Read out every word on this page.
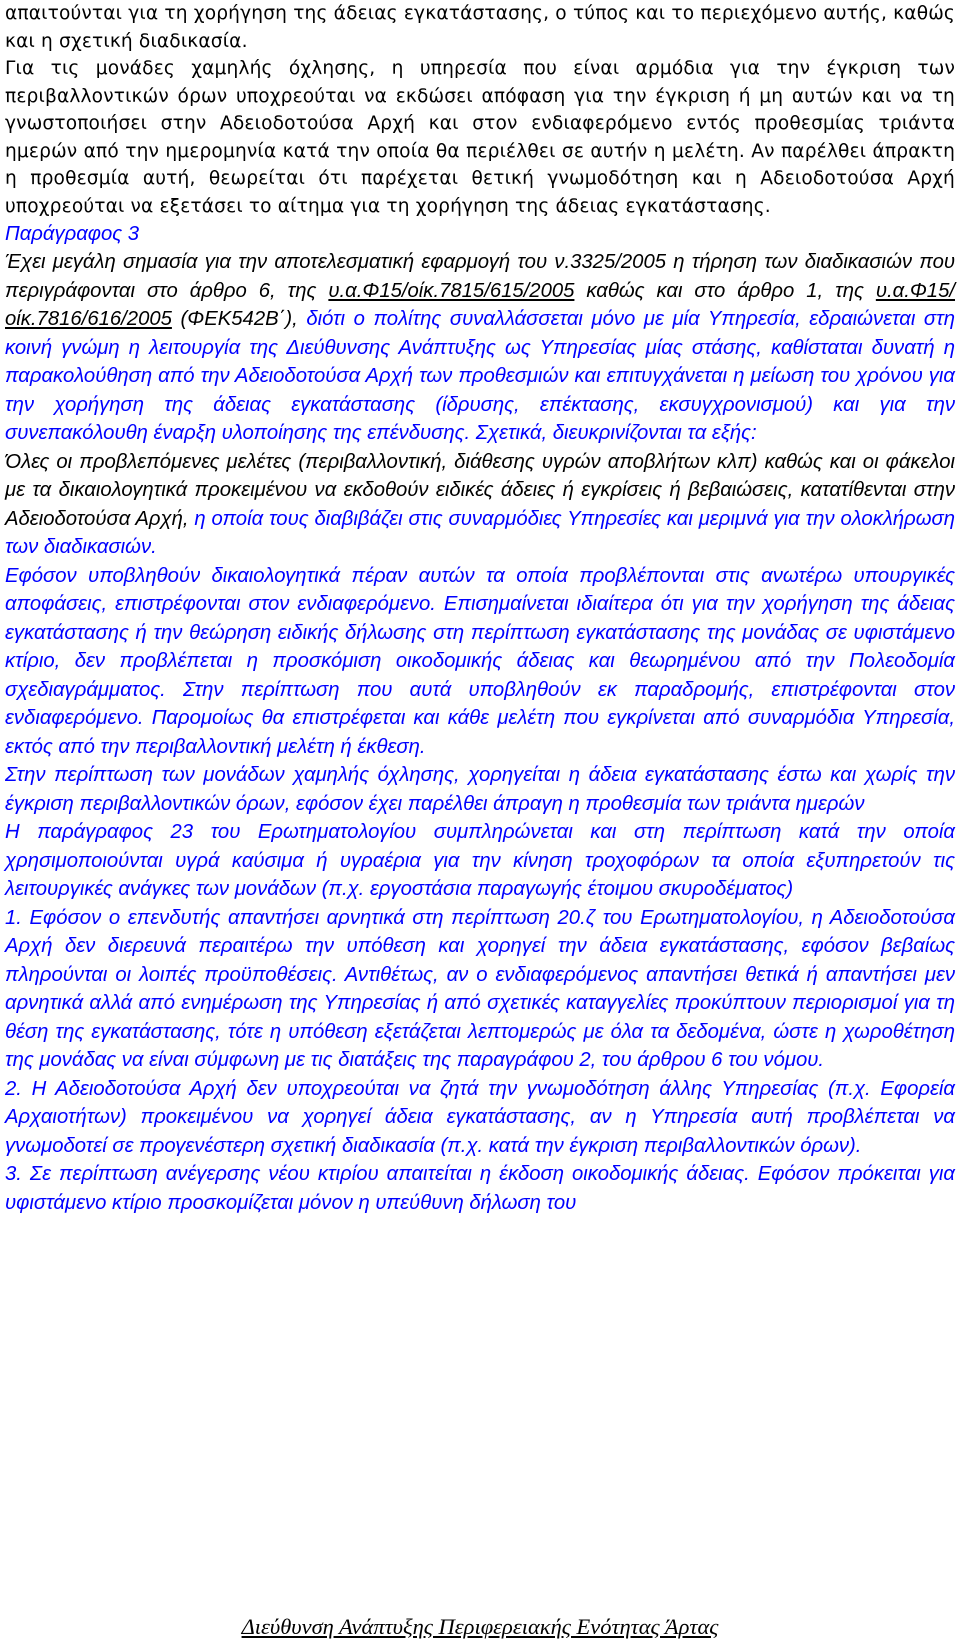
απαιτούνται για τη χορήγηση της άδειας εγκατάστασης, ο τύπος και το περιεχόμενο αυτής, καθώς και η σχετική διαδικασία.
Για τις μονάδες χαμηλής όχλησης, η υπηρεσία που είναι αρμόδια για την έγκριση των περιβαλλοντικών όρων υποχρεούται να εκδώσει απόφαση για την έγκριση ή μη αυτών και να τη γνωστοποιήσει στην Αδειοδοτούσα Αρχή και στον ενδιαφερόμενο εντός προθεσμίας τριάντα ημερών από την ημερομηνία κατά την οποία θα περιέλθει σε αυτήν η μελέτη. Αν παρέλθει άπρακτη η προθεσμία αυτή, θεωρείται ότι παρέχεται θετική γνωμοδότηση και η Αδειοδοτούσα Αρχή υποχρεούται να εξετάσει το αίτημα για τη χορήγηση της άδειας εγκατάστασης.

Παράγραφος 3

Έχει μεγάλη σημασία για την αποτελεσματική εφαρμογή του ν.3325/2005 η τήρηση των διαδικασιών που περιγράφονται στο άρθρο 6, της υ.α.Φ15/οίκ.7815/615/2005 καθώς και στο άρθρο 1, της υ.α.Φ15/οίκ.7816/616/2005 (ΦΕΚ542Β΄), διότι ο πολίτης συναλλάσσεται μόνο με μία Υπηρεσία, εδραιώνεται στη κοινή γνώμη η λειτουργία της Διεύθυνσης Ανάπτυξης ως Υπηρεσίας μίας στάσης, καθίσταται δυνατή η παρακολούθηση από την Αδειοδοτούσα Αρχή των προθεσμιών και επιτυγχάνεται η μείωση του χρόνου για την χορήγηση της άδειας εγκατάστασης (ίδρυσης, επέκτασης, εκσυγχρονισμού) και για την συνεπακόλουθη έναρξη υλοποίησης της επένδυσης. Σχετικά, διευκρινίζονται τα εξής:

Όλες οι προβλεπόμενες μελέτες (περιβαλλοντική, διάθεσης υγρών αποβλήτων κλπ) καθώς και οι φάκελοι με τα δικαιολογητικά προκειμένου να εκδοθούν ειδικές άδειες ή εγκρίσεις ή βεβαιώσεις, κατατίθενται στην Αδειοδοτούσα Αρχή, η οποία τους διαβιβάζει στις συναρμόδιες Υπηρεσίες και μεριμνά για την ολοκλήρωση των διαδικασιών.

Εφόσον υποβληθούν δικαιολογητικά πέραν αυτών τα οποία προβλέπονται στις ανωτέρω υπουργικές αποφάσεις, επιστρέφονται στον ενδιαφερόμενο. Επισημαίνεται ιδιαίτερα ότι για την χορήγηση της άδειας εγκατάστασης ή την θεώρηση ειδικής δήλωσης στη περίπτωση εγκατάστασης της μονάδας σε υφιστάμενο κτίριο, δεν προβλέπεται η προσκόμιση οικοδομικής άδειας και θεωρημένου από την Πολεοδομία σχεδιαγράμματος. Στην περίπτωση που αυτά υποβληθούν εκ παραδρομής, επιστρέφονται στον ενδιαφερόμενο. Παρομοίως θα επιστρέφεται και κάθε μελέτη που εγκρίνεται από συναρμόδια Υπηρεσία, εκτός από την περιβαλλοντική μελέτη ή έκθεση.

Στην περίπτωση των μονάδων χαμηλής όχλησης, χορηγείται η άδεια εγκατάστασης έστω και χωρίς την έγκριση περιβαλλοντικών όρων, εφόσον έχει παρέλθει άπραγη η προθεσμία των τριάντα ημερών

Η παράγραφος 23 του Ερωτηματολογίου συμπληρώνεται και στη περίπτωση κατά την οποία χρησιμοποιούνται υγρά καύσιμα ή υγραέρια για την κίνηση τροχοφόρων τα οποία εξυπηρετούν τις λειτουργικές ανάγκες των μονάδων (π.χ. εργοστάσια παραγωγής έτοιμου σκυροδέματος)

1. Εφόσον ο επενδυτής απαντήσει αρνητικά στη περίπτωση 20.ζ του Ερωτηματολογίου, η Αδειοδοτούσα Αρχή δεν διερευνά περαιτέρω την υπόθεση και χορηγεί την άδεια εγκατάστασης, εφόσον βεβαίως πληρούνται οι λοιπές προϋποθέσεις. Αντιθέτως, αν ο ενδιαφερόμενος απαντήσει θετικά ή απαντήσει μεν αρνητικά αλλά από ενημέρωση της Υπηρεσίας ή από σχετικές καταγγελίες προκύπτουν περιορισμοί για τη θέση της εγκατάστασης, τότε η υπόθεση εξετάζεται λεπτομερώς με όλα τα δεδομένα, ώστε η χωροθέτηση της μονάδας να είναι σύμφωνη με τις διατάξεις της παραγράφου 2, του άρθρου 6 του νόμου.

2. Η Αδειοδοτούσα Αρχή δεν υποχρεούται να ζητά την γνωμοδότηση άλλης Υπηρεσίας (π.χ. Εφορεία Αρχαιοτήτων) προκειμένου να χορηγεί άδεια εγκατάστασης, αν η Υπηρεσία αυτή προβλέπεται να γνωμοδοτεί σε προγενέστερη σχετική διαδικασία (π.χ. κατά την έγκριση περιβαλλοντικών όρων).

3. Σε περίπτωση ανέγερσης νέου κτιρίου απαιτείται η έκδοση οικοδομικής άδειας. Εφόσον πρόκειται για υφιστάμενο κτίριο προσκομίζεται μόνον η υπεύθυνη δήλωση του

Διεύθυνση Ανάπτυξης Περιφερειακής Ενότητας Άρτας
